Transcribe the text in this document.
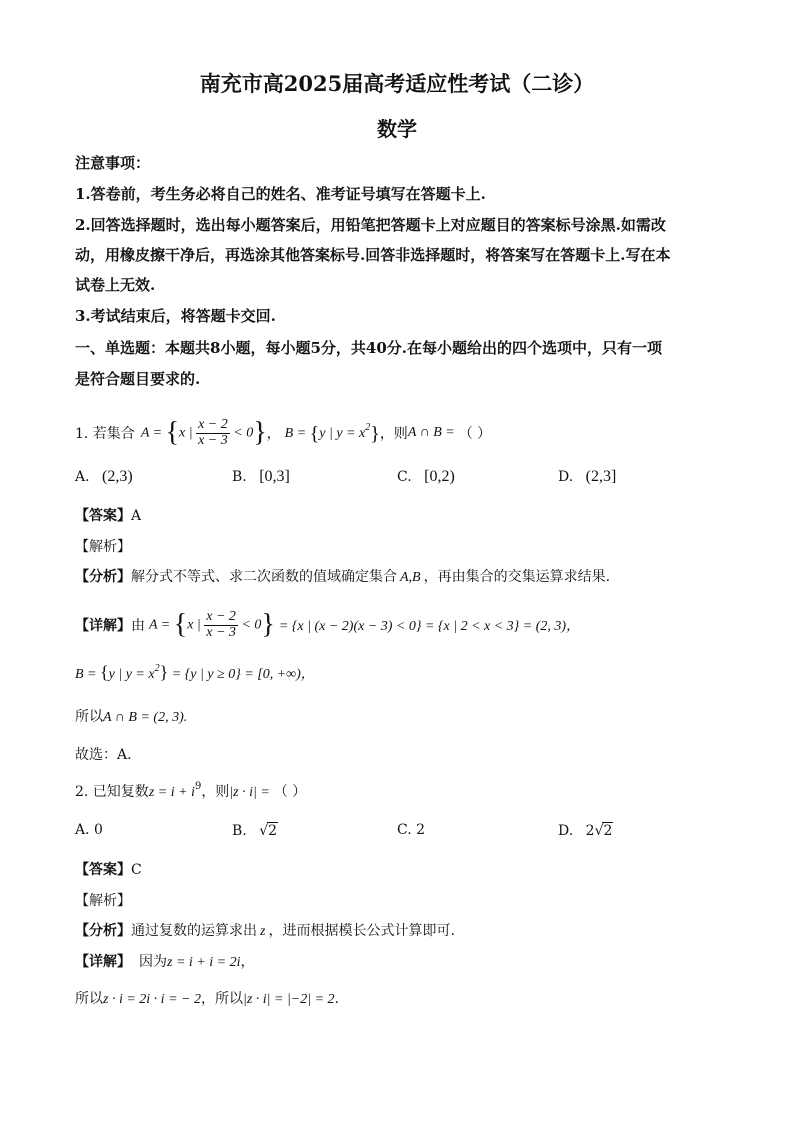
南充市高2025届高考适应性考试（二诊）
数学
注意事项：
1.答卷前，考生务必将自己的姓名、准考证号填写在答题卡上.
2.回答选择题时，选出每小题答案后，用铅笔把答题卡上对应题目的答案标号涂黑.如需改
动，用橡皮擦干净后，再选涂其他答案标号.回答非选择题时，将答案写在答题卡上.写在本
试卷上无效.
3.考试结束后，将答题卡交回.
一、单选题：本题共8小题，每小题5分，共40分.在每小题给出的四个选项中，只有一项
是符合题目要求的.
1. 若集合 A = {x | $\frac{x - 2}{x - 3} < 0$} ， B = {y | $y = x^2$} ，则 A ∩ B = （ ）
A. (2,3)	B. [0,3]	C. [0,2)	D. (2,3]
【答案】A
【解析】
【分析】解分式不等式、求二次函数的值域确定集合 A,B ，再由集合的交集运算求结果.
【详解】 由 A = {x | $\frac{x - 2}{x - 3} < 0\} = \{x$ | (x − 2)(x − 3) < 0} = {x | 2 < x < 3} = (2, 3)，
B = {y | $y = x^2\} = \{y$ | y ≥ 0} = [0, +∞)，
所以A ∩ B = (2, 3).
故选：A.
2. 已知复数$z = i + i^9$，则|z · i| = （ ）
A. 0	B. √2	C. 2	D. 2√2
【答案】C
【解析】
【分析】通过复数的运算求出 z ，进而根据模长公式计算即可.
【详解】 因为z = i + i = 2i，
所以z · i = 2i · i = − 2，所以|z · i| = |−2| = 2.
